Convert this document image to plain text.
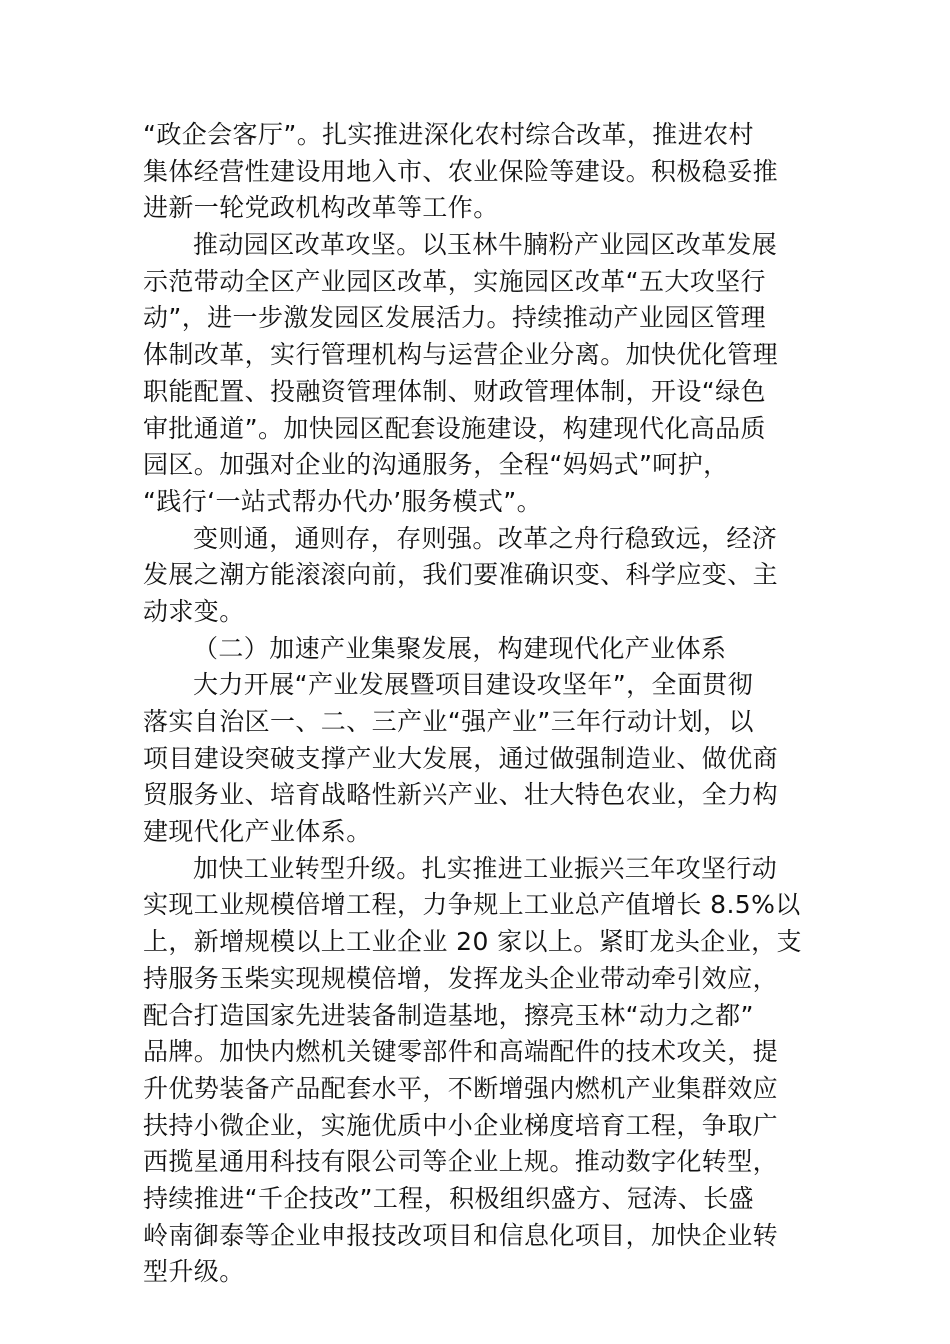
“政企会客厅”。扎实推进深化农村综合改革，推进农村
集体经营性建设用地入市、农业保险等建设。积极稳妥推
进新一轮党政机构改革等工作。
推动园区改革攻坚。以玉林牛腩粉产业园区改革发展
示范带动全区产业园区改革，实施园区改革“五大攻坚行
动”，进一步激发园区发展活力。持续推动产业园区管理
体制改革，实行管理机构与运营企业分离。加快优化管理
职能配置、投融资管理体制、财政管理体制，开设“绿色
审批通道”。加快园区配套设施建设，构建现代化高品质
园区。加强对企业的沟通服务，全程“妈妈式”呵护，
“践行‘一站式帮办代办’服务模式”。
变则通，通则存，存则强。改革之舟行稳致远，经济
发展之潮方能滚滚向前，我们要准确识变、科学应变、主
动求变。
（二）加速产业集聚发展，构建现代化产业体系
大力开展“产业发展暨项目建设攻坚年”，全面贯彻
落实自治区一、二、三产业“强产业”三年行动计划，以
项目建设突破支撑产业大发展，通过做强制造业、做优商
贸服务业、培育战略性新兴产业、壮大特色农业，全力构
建现代化产业体系。
加快工业转型升级。扎实推进工业振兴三年攻坚行动
实现工业规模倍增工程，力争规上工业总产值增长 8.5%以
上，新增规模以上工业企业 20 家以上。紧盯龙头企业，支
持服务玉柴实现规模倍增，发挥龙头企业带动牵引效应，
配合打造国家先进装备制造基地，擦亮玉林“动力之都”
品牌。加快内燃机关键零部件和高端配件的技术攻关，提
升优势装备产品配套水平，不断增强内燃机产业集群效应
扶持小微企业，实施优质中小企业梯度培育工程，争取广
西揽星通用科技有限公司等企业上规。推动数字化转型，
持续推进“千企技改”工程，积极组织盛方、冠涛、长盛
岭南御泰等企业申报技改项目和信息化项目，加快企业转
型升级。
